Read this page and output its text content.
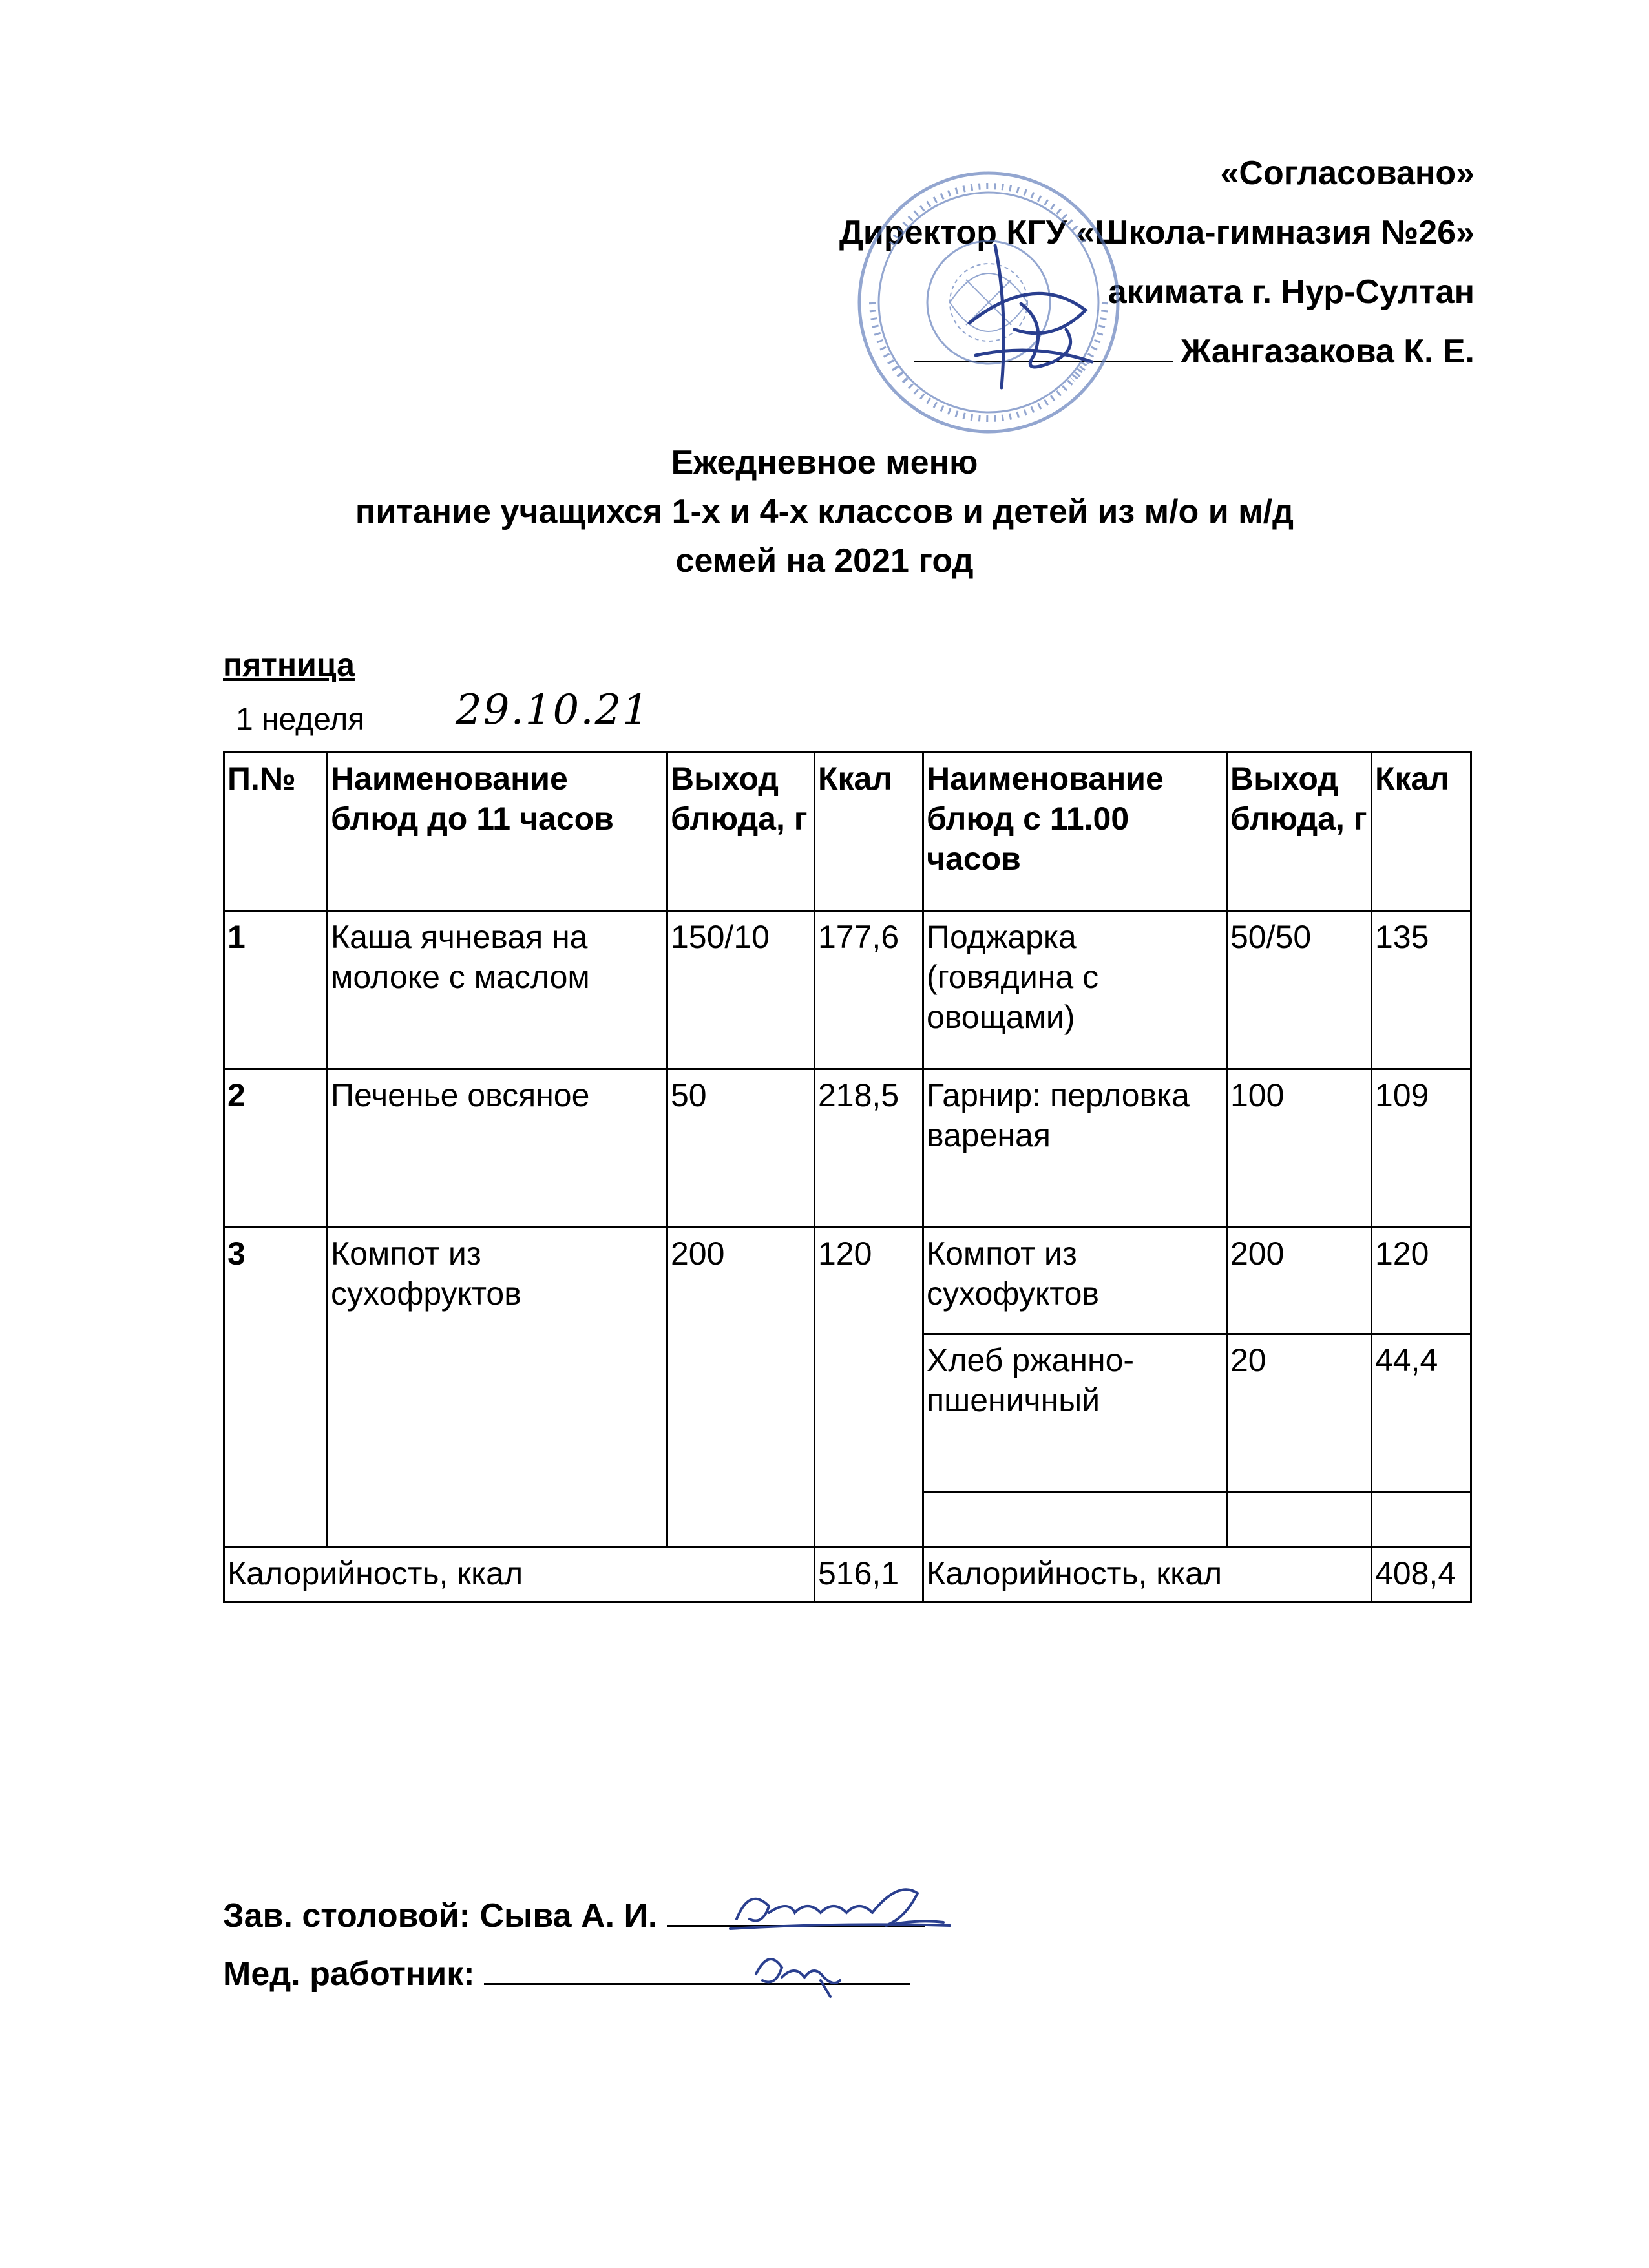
«Согласовано»
Директор КГУ «Школа-гимназия №26»
акимата г. Нур-Султан
Жангазакова К. Е.
Ежедневное меню
питание учащихся 1-х и 4-х классов и детей из м/о и м/д
семей на 2021 год
пятница
1 неделя 29.10.21
П.№	Наименование блюд до 11 часов	Выход блюда, г	Ккал	Наименование блюд с 11.00 часов	Выход блюда, г	Ккал
1	Каша ячневая на молоке с маслом	150/10	177,6	Поджарка (говядина с овощами)	50/50	135
2	Печенье овсяное	50	218,5	Гарнир: перловка вареная	100	109
3	Компот из сухофруктов	200	120	Компот из сухофуктов	200	120
				Хлеб ржанно-пшеничный	20	44,4

Калорийность, ккал			516,1	Калорийность, ккал		408,4
Зав. столовой: Сыва А. И.
Мед. работник:
